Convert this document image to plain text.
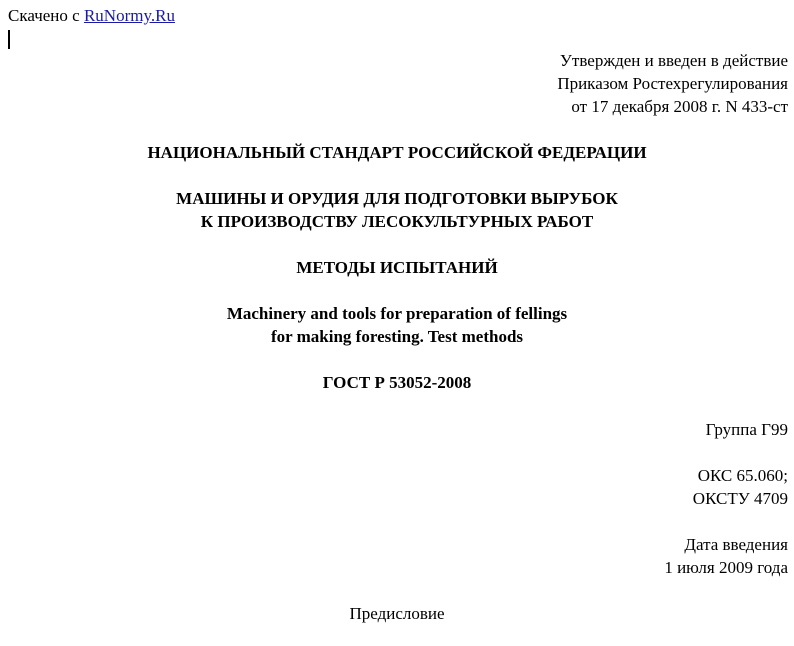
Скачено с RuNormy.Ru
Утвержден и введен в действие
Приказом Ростехрегулирования
от 17 декабря 2008 г. N 433-ст
НАЦИОНАЛЬНЫЙ СТАНДАРТ РОССИЙСКОЙ ФЕДЕРАЦИИ
МАШИНЫ И ОРУДИЯ ДЛЯ ПОДГОТОВКИ ВЫРУБОК
К ПРОИЗВОДСТВУ ЛЕСОКУЛЬТУРНЫХ РАБОТ
МЕТОДЫ ИСПЫТАНИЙ
Machinery and tools for preparation of fellings
for making foresting. Test methods
ГОСТ Р 53052-2008
Группа Г99
ОКС 65.060;
ОКСТУ 4709
Дата введения
1 июля 2009 года
Предисловие
